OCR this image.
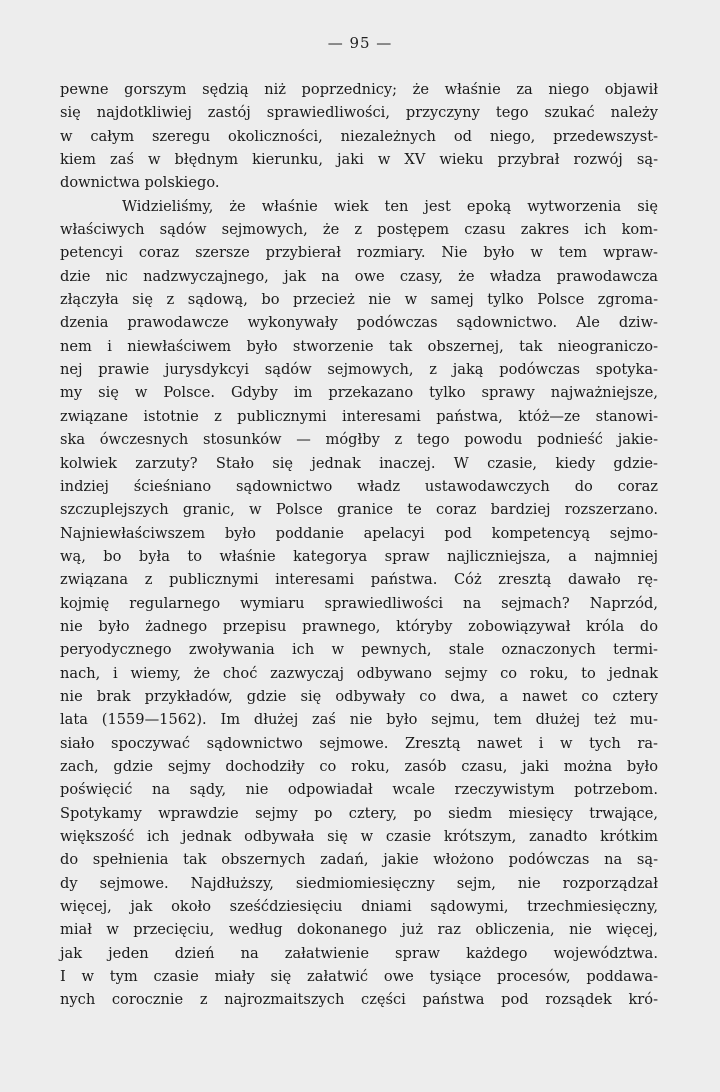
— 95 —
pewne gorszym sędzią niż poprzednicy; że właśnie za niego objawił
się najdotkliwiej zastój sprawiedliwości, przyczyny tego szukać należy
w całym szeregu okoliczności, niezależnych od niego, przedewszyst-
kiem zaś w błędnym kierunku, jaki w XV wieku przybrał rozwój są-
downictwa polskiego.
Widzieliśmy, że właśnie wiek ten jest epoką wytworzenia się
właściwych sądów sejmowych, że z postępem czasu zakres ich kom-
petencyi coraz szersze przybierał rozmiary. Nie było w tem wpraw-
dzie nic nadzwyczajnego, jak na owe czasy, że władza prawodawcza
złączyła się z sądową, bo przecież nie w samej tylko Polsce zgroma-
dzenia prawodawcze wykonywały podówczas sądownictwo. Ale dziw-
nem i niewłaściwem było stworzenie tak obszernej, tak nieograniczo-
nej prawie jurysdykcyi sądów sejmowych, z jaką podówczas spotyka-
my się w Polsce. Gdyby im przekazano tylko sprawy najważniejsze,
związane istotnie z publicznymi interesami państwa, któż—ze stanowi-
ska ówczesnych stosunków — mógłby z tego powodu podnieść jakie-
kolwiek zarzuty? Stało się jednak inaczej. W czasie, kiedy gdzie-
indziej ścieśniano sądownictwo władz ustawodawczych do coraz
szczuplejszych granic, w Polsce granice te coraz bardziej rozszerzano.
Najniewłaściwszem było poddanie apelacyi pod kompetencyą sejmo-
wą, bo była to właśnie kategorya spraw najliczniejsza, a najmniej
związana z publicznymi interesami państwa. Cóż zresztą dawało rę-
kojmię regularnego wymiaru sprawiedliwości na sejmach? Naprzód,
nie było żadnego przepisu prawnego, któryby zobowiązywał króla do
peryodycznego zwoływania ich w pewnych, stale oznaczonych termi-
nach, i wiemy, że choć zazwyczaj odbywano sejmy co roku, to jednak
nie brak przykładów, gdzie się odbywały co dwa, a nawet co cztery
lata (1559—1562). Im dłużej zaś nie było sejmu, tem dłużej też mu-
siało spoczywać sądownictwo sejmowe. Zresztą nawet i w tych ra-
zach, gdzie sejmy dochodziły co roku, zasób czasu, jaki można było
poświęcić na sądy, nie odpowiadał wcale rzeczywistym potrzebom.
Spotykamy wprawdzie sejmy po cztery, po siedm miesięcy trwające,
większość ich jednak odbywała się w czasie krótszym, zanadto krótkim
do spełnienia tak obszernych zadań, jakie włożono podówczas na są-
dy sejmowe. Najdłuższy, siedmiomiesięczny sejm, nie rozporządzał
więcej, jak około sześćdziesięciu dniami sądowymi, trzechmiesięczny,
miał w przecięciu, według dokonanego już raz obliczenia, nie więcej,
jak jeden dzień na załatwienie spraw każdego województwa.
I w tym czasie miały się załatwić owe tysiące procesów, poddawa-
nych corocznie z najrozmaitszych części państwa pod rozsądek kró-
